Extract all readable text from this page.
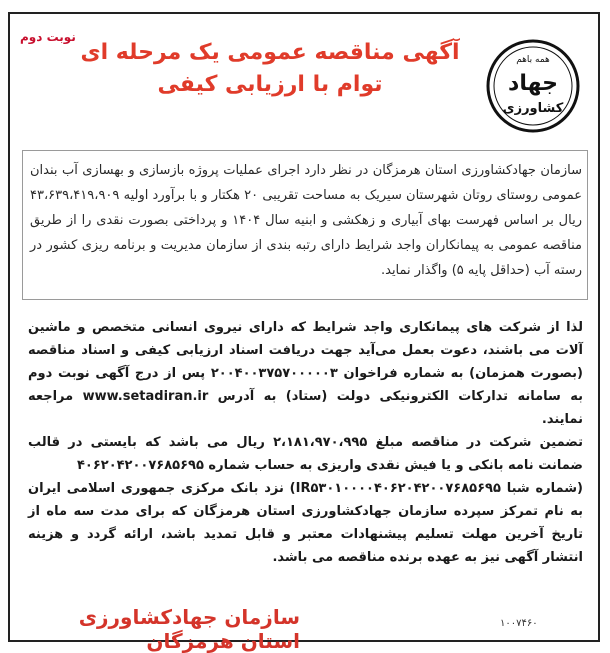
نوبت دوم
آگهی مناقصه عمومی یک مرحله ای
توام با ارزیابی کیفی
همه باهم
جهاد
کشاورزی
سازمان جهادکشاورزی استان هرمزگان در نظر دارد اجرای عملیات پروژه بازسازی و بهسازی آب بندان عمومی روستای روتان شهرستان سیریک به مساحت تقریبی ۲۰ هکتار و با برآورد اولیه ۴۳،۶۳۹،۴۱۹،۹۰۹ ریال بر اساس فهرست بهای آبیاری و زهکشی و ابنیه سال ۱۴۰۴ و پرداختی بصورت نقدی را از طریق مناقصه عمومی به پیمانکاران واجد شرایط دارای رتبه بندی از سازمان مدیریت و برنامه ریزی کشور در رسته آب (حداقل پایه ۵) واگذار نماید.

لذا از شرکت های پیمانکاری واجد شرایط که دارای نیروی انسانی متخصص و ماشین آلات می باشند، دعوت بعمل می‌آید جهت دریافت اسناد ارزیابی کیفی و اسناد مناقصه (بصورت همزمان) به شماره فراخوان ۲۰۰۴۰۰۳۷۵۷۰۰۰۰۰۳ پس از درج آگهی نوبت دوم به سامانه تدارکات الکترونیکی دولت (ستاد) به آدرس www.setadiran.ir مراجعه نمایند.

تضمین شرکت در مناقصه مبلغ ۲،۱۸۱،۹۷۰،۹۹۵ ریال می باشد که بایستی در قالب ضمانت نامه بانکی و یا فیش نقدی واریزی به حساب شماره ۴۰۶۲۰۴۲۰۰۷۶۸۵۶۹۵

(شماره شبا IR۵۳۰۱۰۰۰۰۴۰۶۲۰۴۲۰۰۷۶۸۵۶۹۵) نزد بانک مرکزی جمهوری اسلامی ایران به نام تمرکز سپرده سازمان جهادکشاورزی استان هرمزگان که برای مدت سه ماه از تاریخ آخرین مهلت تسلیم پیشنهادات معتبر و قابل تمدید باشد، ارائه گردد و هزینه انتشار آگهی نیز به عهده برنده مناقصه می باشد.

سازمان جهادکشاورزی استان هرمزگان
۱۰۰۷۴۶۰
